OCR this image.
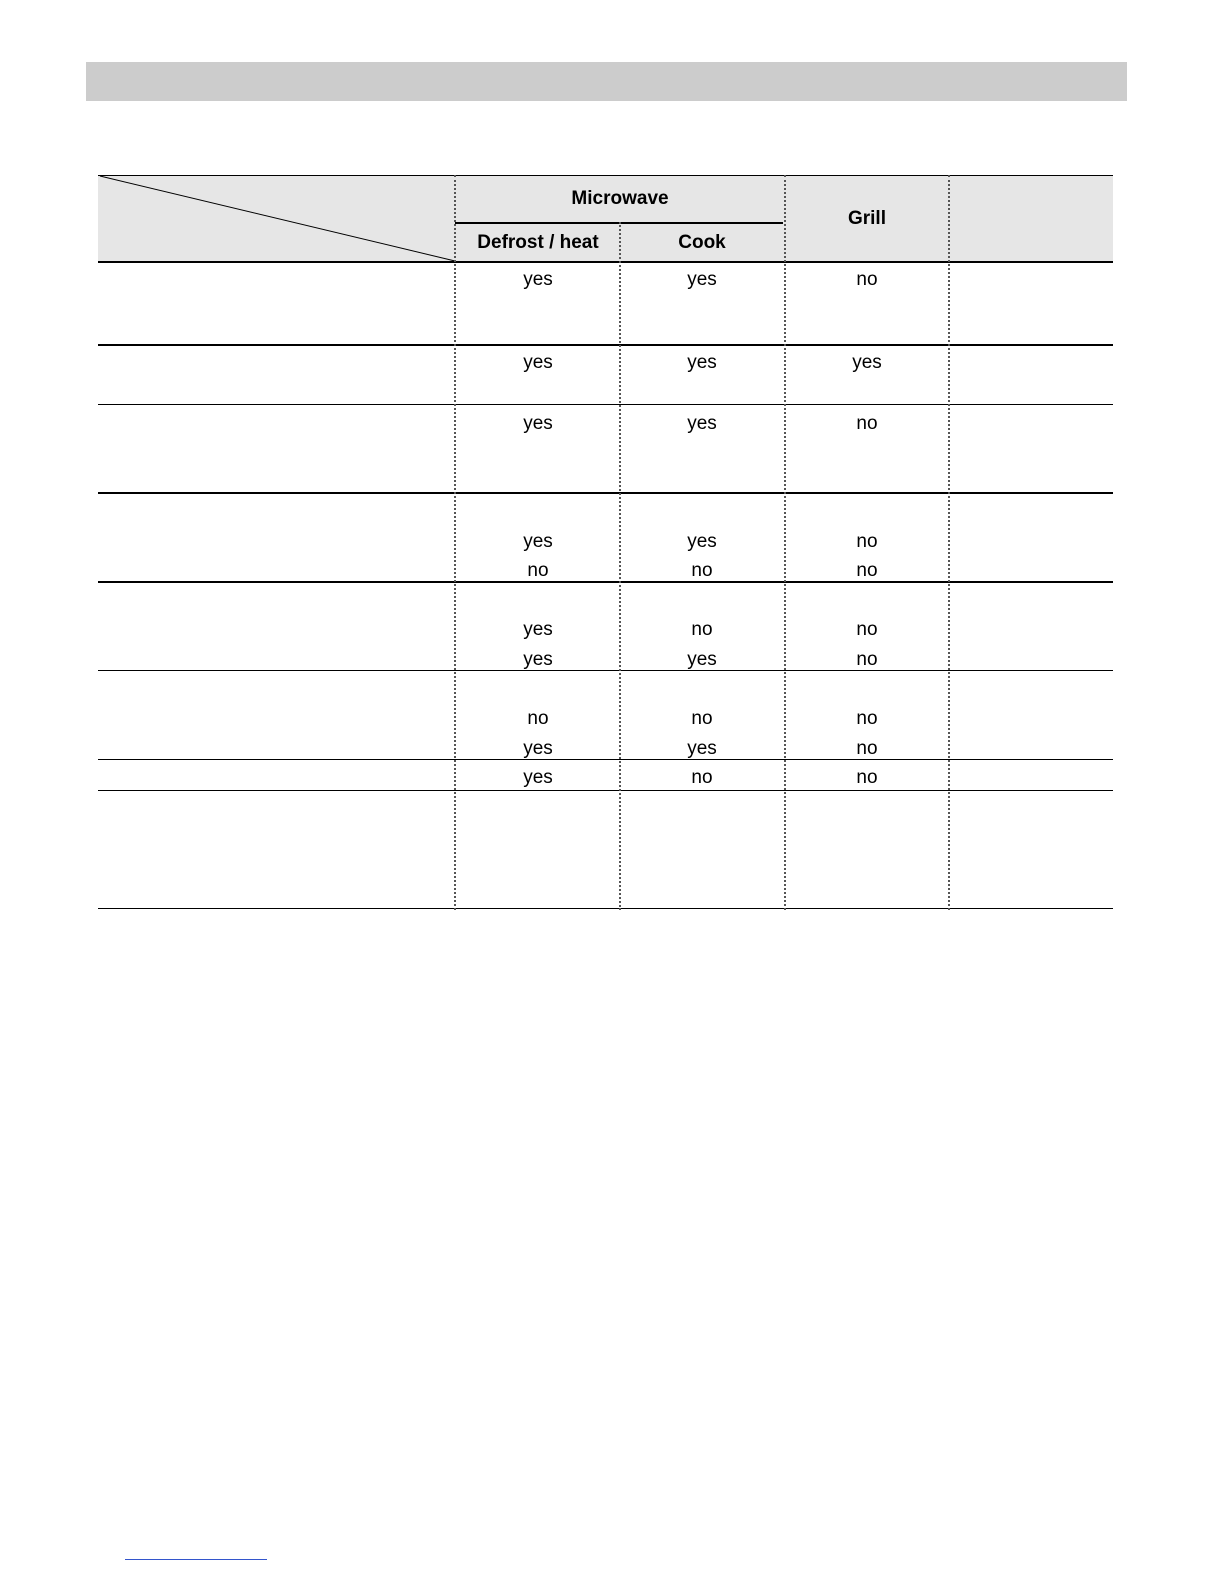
Microwave
Defrost / heat	Cook
Grill
yes	yes	no
yes	yes	yes
yes	yes	no
yes	yes	no
no	no	no
yes	no	no
yes	yes	no
no	no	no
yes	yes	no
yes	no	no
